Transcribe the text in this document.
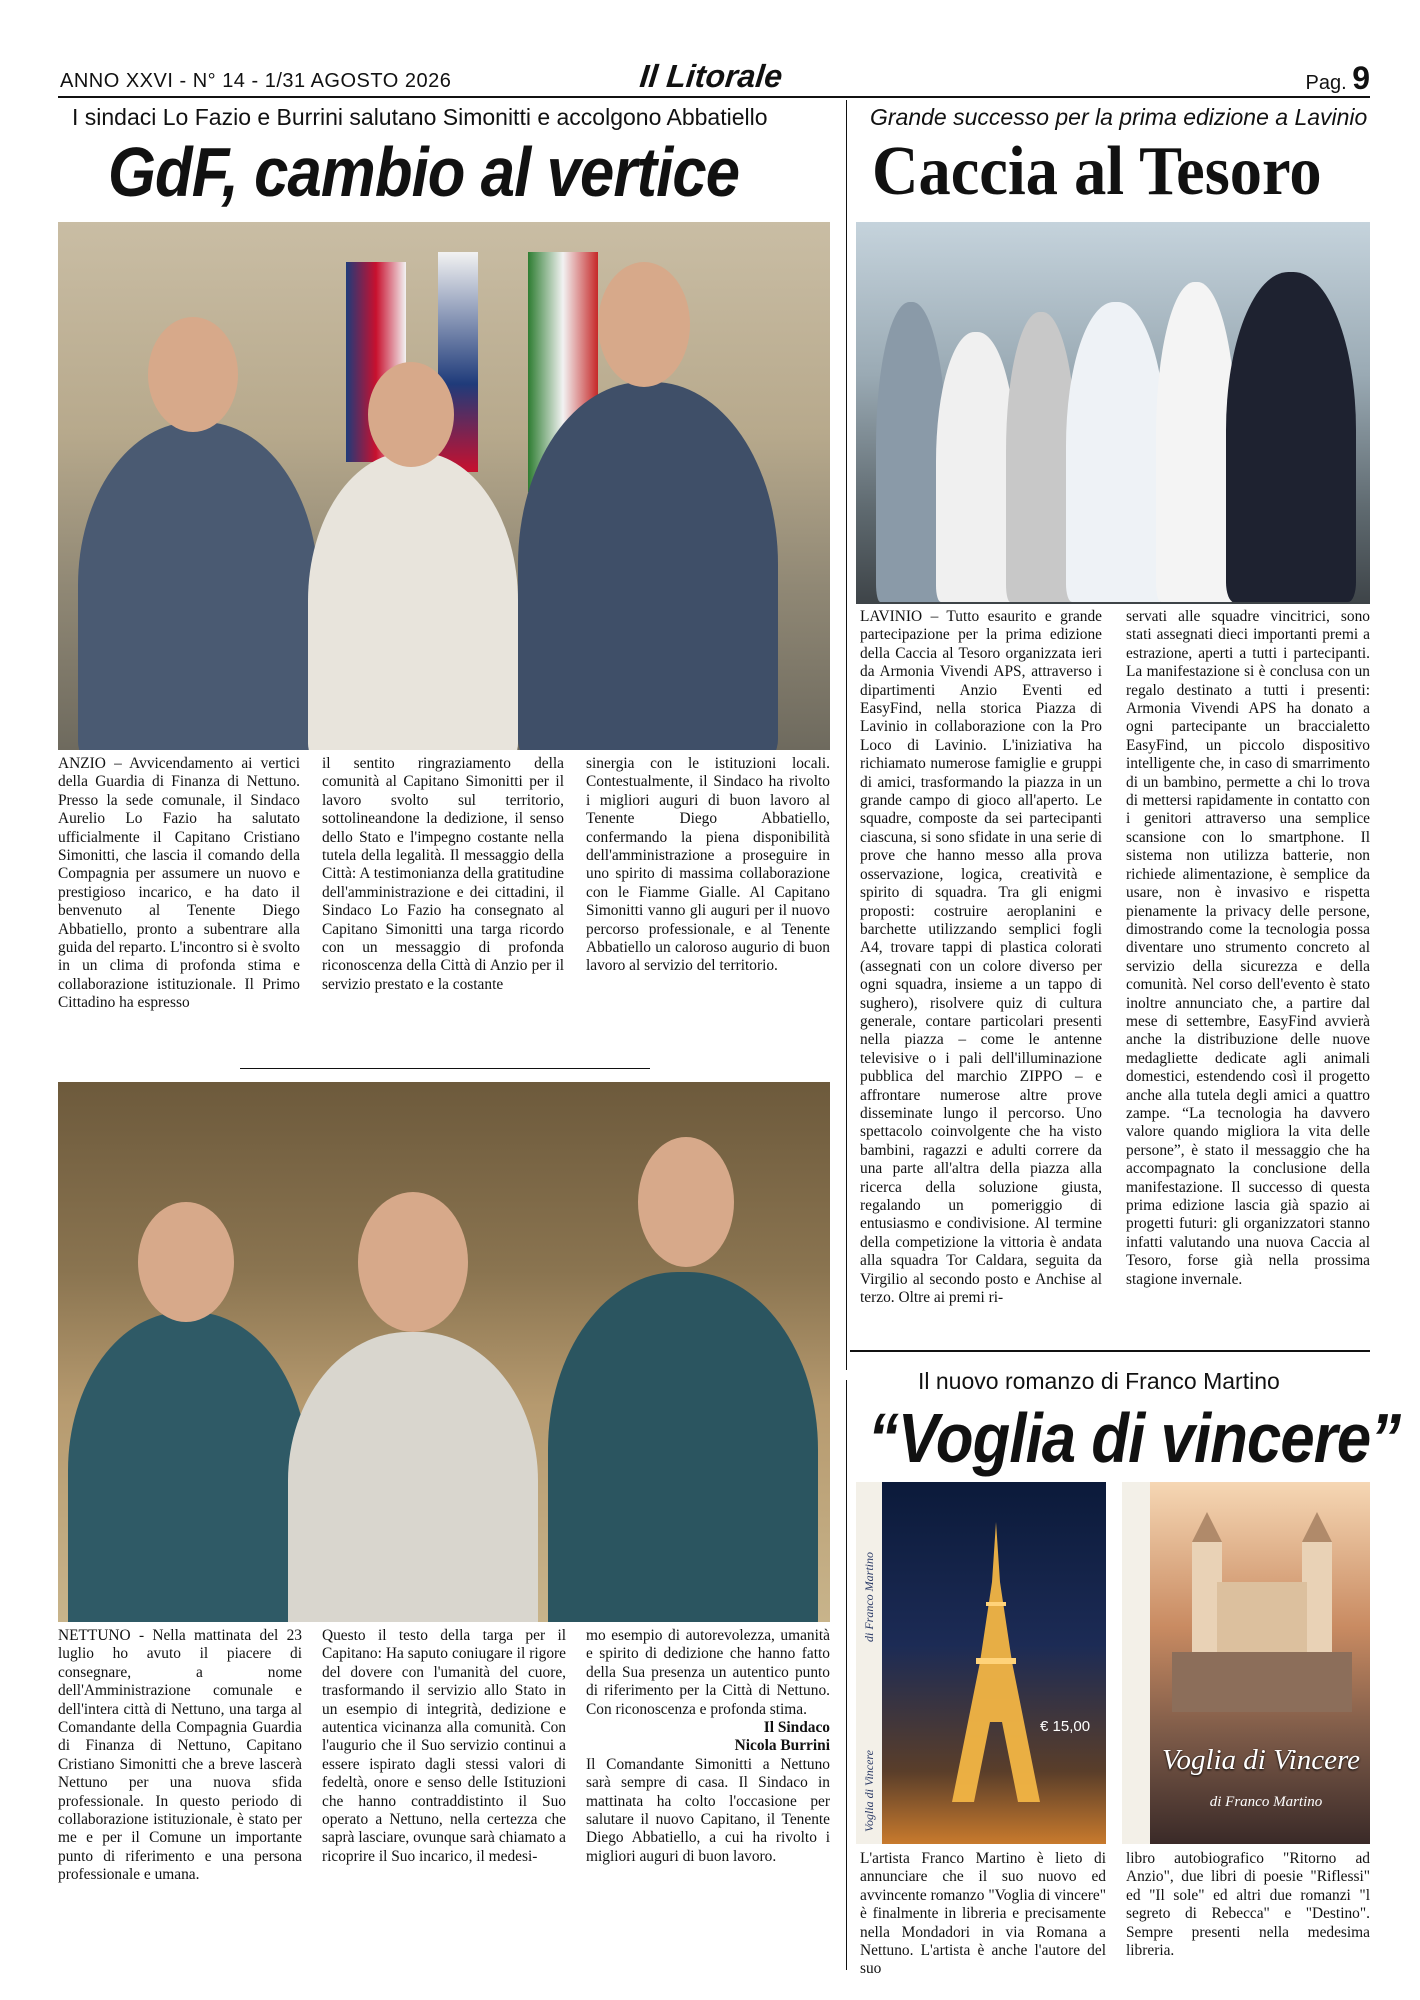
ANNO XXVI - N° 14 - 1/31 AGOSTO 2026	Il Litorale	Pag. 9
I sindaci Lo Fazio e Burrini salutano Simonitti e accolgono Abbatiello
GdF, cambio al vertice

ANZIO – Avvicendamento ai vertici della Guardia di Finanza di Nettuno. Presso la sede comunale, il Sindaco Aurelio Lo Fazio ha salutato ufficialmente il Capitano Cristiano Simonitti, che lascia il comando della Compagnia per assumere un nuovo e prestigioso incarico, e ha dato il benvenuto al Tenente Diego Abbatiello, pronto a subentrare alla guida del reparto. L'incontro si è svolto in un clima di profonda stima e collaborazione istituzionale. Il Primo Cittadino ha espresso

il sentito ringraziamento della comunità al Capitano Simonitti per il lavoro svolto sul territorio, sottolineandone la dedizione, il senso dello Stato e l'impegno costante nella tutela della legalità. Il messaggio della Città: A testimonianza della gratitudine dell'amministrazione e dei cittadini, il Sindaco Lo Fazio ha consegnato al Capitano Simonitti una targa ricordo con un messaggio di profonda riconoscenza della Città di Anzio per il servizio prestato e la costante

sinergia con le istituzioni locali. Contestualmente, il Sindaco ha rivolto i migliori auguri di buon lavoro al Tenente Diego Abbatiello, confermando la piena disponibilità dell'amministrazione a proseguire in uno spirito di massima collaborazione con le Fiamme Gialle. Al Capitano Simonitti vanno gli auguri per il nuovo percorso professionale, e al Tenente Abbatiello un caloroso augurio di buon lavoro al servizio del territorio.

NETTUNO - Nella mattinata del 23 luglio ho avuto il piacere di consegnare, a nome dell'Amministrazione comunale e dell'intera città di Nettuno, una targa al Comandante della Compagnia Guardia di Finanza di Nettuno, Capitano Cristiano Simonitti che a breve lascerà Nettuno per una nuova sfida professionale. In questo periodo di collaborazione istituzionale, è stato per me e per il Comune un importante punto di riferimento e una persona professionale e umana.

Questo il testo della targa per il Capitano: Ha saputo coniugare il rigore del dovere con l'umanità del cuore, trasformando il servizio allo Stato in un esempio di integrità, dedizione e autentica vicinanza alla comunità. Con l'augurio che il Suo servizio continui a essere ispirato dagli stessi valori di fedeltà, onore e senso delle Istituzioni che hanno contraddistinto il Suo operato a Nettuno, nella certezza che saprà lasciare, ovunque sarà chiamato a ricoprire il Suo incarico, il medesi-

mo esempio di autorevolezza, umanità e spirito di dedizione che hanno fatto della Sua presenza un autentico punto di riferimento per la Città di Nettuno. Con riconoscenza e profonda stima.

Il Sindaco

Nicola Burrini

Il Comandante Simonitti a Nettuno sarà sempre di casa. Il Sindaco in mattinata ha colto l'occasione per salutare il nuovo Capitano, il Tenente Diego Abbatiello, a cui ha rivolto i migliori auguri di buon lavoro.

Grande successo per la prima edizione a Lavinio
Caccia al Tesoro

LAVINIO – Tutto esaurito e grande partecipazione per la prima edizione della Caccia al Tesoro organizzata ieri da Armonia Vivendi APS, attraverso i dipartimenti Anzio Eventi ed EasyFind, nella storica Piazza di Lavinio in collaborazione con la Pro Loco di Lavinio. L'iniziativa ha richiamato numerose famiglie e gruppi di amici, trasformando la piazza in un grande campo di gioco all'aperto. Le squadre, composte da sei partecipanti ciascuna, si sono sfidate in una serie di prove che hanno messo alla prova osservazione, logica, creatività e spirito di squadra. Tra gli enigmi proposti: costruire aeroplanini e barchette utilizzando semplici fogli A4, trovare tappi di plastica colorati (assegnati con un colore diverso per ogni squadra, insieme a un tappo di sughero), risolvere quiz di cultura generale, contare particolari presenti nella piazza – come le antenne televisive o i pali dell'illuminazione pubblica del marchio ZIPPO – e affrontare numerose altre prove disseminate lungo il percorso. Uno spettacolo coinvolgente che ha visto bambini, ragazzi e adulti correre da una parte all'altra della piazza alla ricerca della soluzione giusta, regalando un pomeriggio di entusiasmo e condivisione. Al termine della competizione la vittoria è andata alla squadra Tor Caldara, seguita da Virgilio al secondo posto e Anchise al terzo. Oltre ai premi ri-

servati alle squadre vincitrici, sono stati assegnati dieci importanti premi a estrazione, aperti a tutti i partecipanti. La manifestazione si è conclusa con un regalo destinato a tutti i presenti: Armonia Vivendi APS ha donato a ogni partecipante un braccialetto EasyFind, un piccolo dispositivo intelligente che, in caso di smarrimento di un bambino, permette a chi lo trova di mettersi rapidamente in contatto con i genitori attraverso una semplice scansione con lo smartphone. Il sistema non utilizza batterie, non richiede alimentazione, è semplice da usare, non è invasivo e rispetta pienamente la privacy delle persone, dimostrando come la tecnologia possa diventare uno strumento concreto al servizio della sicurezza e della comunità. Nel corso dell'evento è stato inoltre annunciato che, a partire dal mese di settembre, EasyFind avvierà anche la distribuzione delle nuove medagliette dedicate agli animali domestici, estendendo così il progetto anche alla tutela degli amici a quattro zampe. “La tecnologia ha davvero valore quando migliora la vita delle persone”, è stato il messaggio che ha accompagnato la conclusione della manifestazione. Il successo di questa prima edizione lascia già spazio ai progetti futuri: gli organizzatori stanno infatti valutando una nuova Caccia al Tesoro, forse già nella prossima stagione invernale.

Il nuovo romanzo di Franco Martino
“Voglia di vincere”
di Franco Martino
Voglia di Vincere
€ 15,00
Voglia di Vincere
di Franco Martino

L'artista Franco Martino è lieto di annunciare che il suo nuovo ed avvincente romanzo "Voglia di vincere" è finalmente in libreria e precisamente nella Mondadori in via Romana a Nettuno. L'artista è anche l'autore del suo

libro autobiografico "Ritorno ad Anzio", due libri di poesie "Riflessi" ed "Il sole" ed altri due romanzi "l segreto di Rebecca" e "Destino". Sempre presenti nella medesima libreria.
